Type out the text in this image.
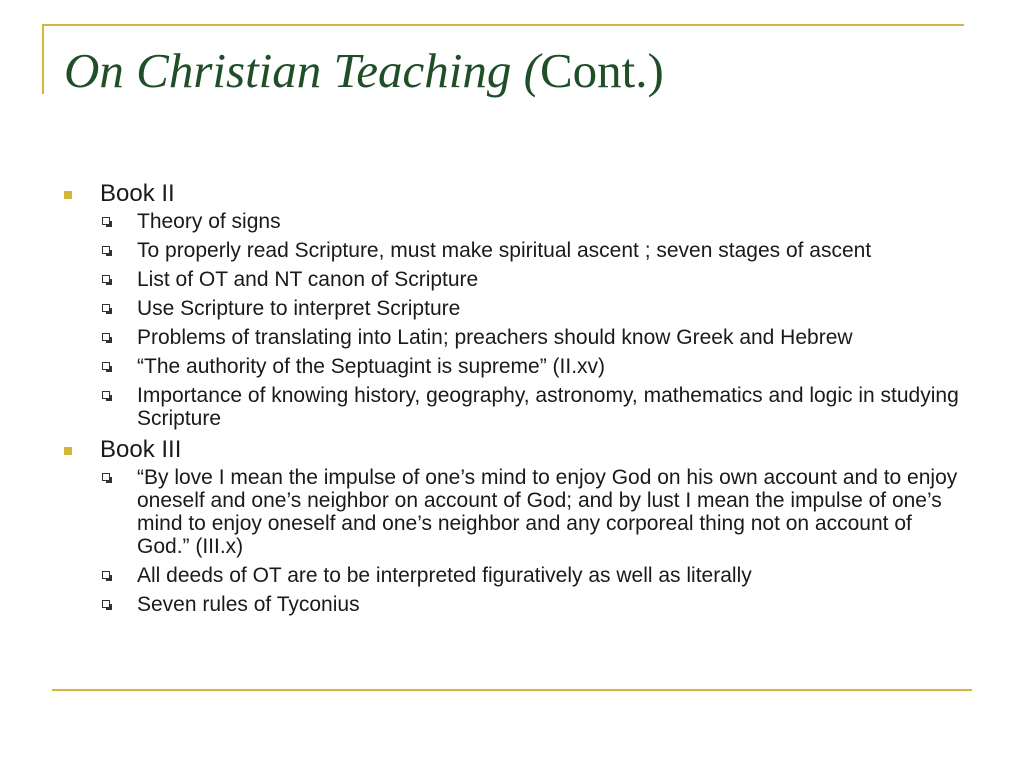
On Christian Teaching (Cont.)
Book II
Theory of signs
To properly read Scripture, must make spiritual ascent ; seven stages of ascent
List of OT and NT canon of Scripture
Use Scripture to interpret Scripture
Problems of translating into Latin; preachers should know Greek and Hebrew
“The authority of the Septuagint is supreme” (II.xv)
Importance of knowing history, geography, astronomy, mathematics and logic in studying Scripture
Book III
“By love I mean the impulse of one’s mind to enjoy God on his own account and to enjoy oneself and one’s neighbor on account of God; and by lust I mean the impulse of one’s mind to enjoy oneself and one’s neighbor and any corporeal thing not on account of God.” (III.x)
All deeds of OT are to be interpreted figuratively as well as literally
Seven rules of Tyconius
